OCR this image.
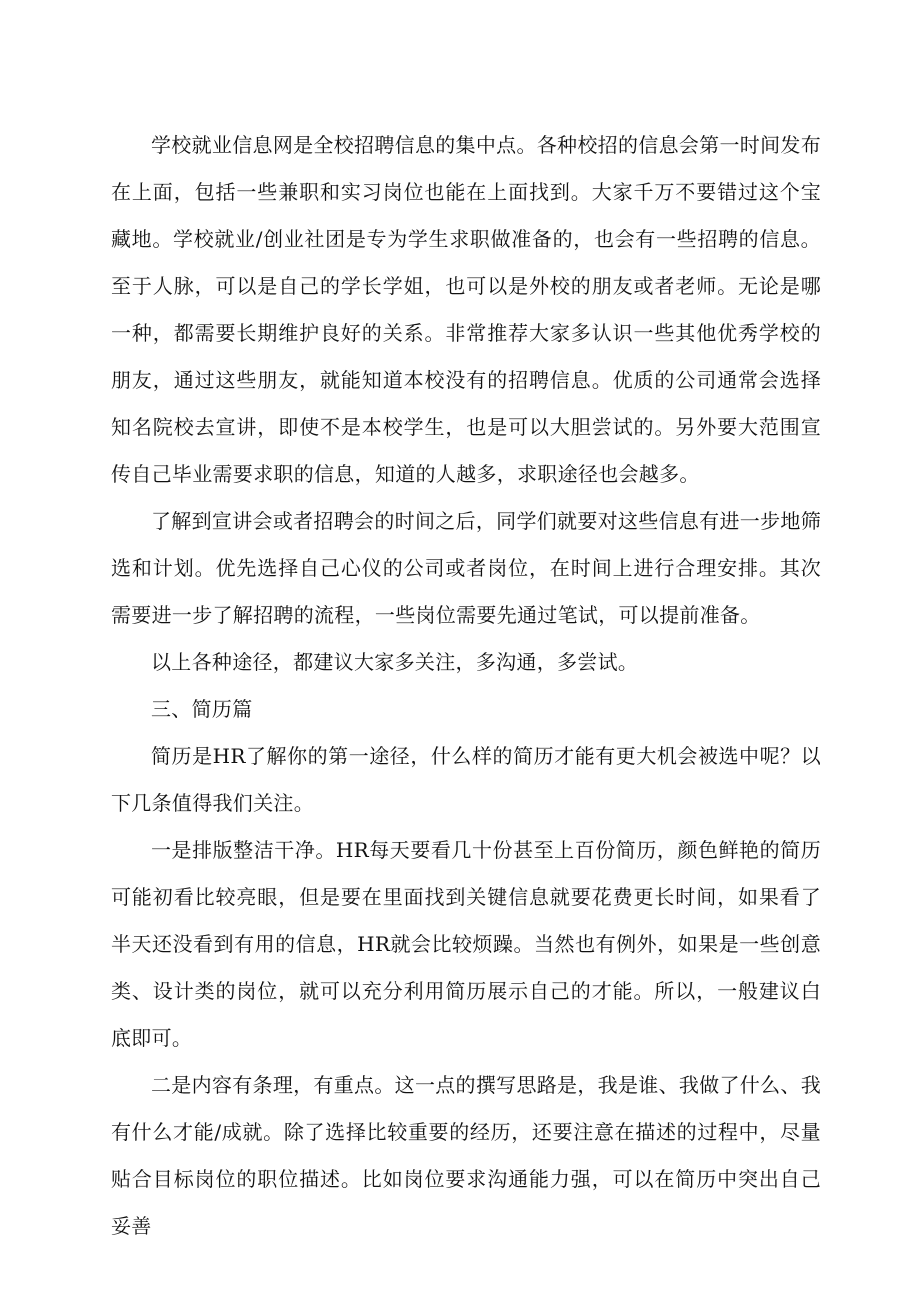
学校就业信息网是全校招聘信息的集中点。各种校招的信息会第一时间发布在上面，包括一些兼职和实习岗位也能在上面找到。大家千万不要错过这个宝藏地。学校就业/创业社团是专为学生求职做准备的，也会有一些招聘的信息。至于人脉，可以是自己的学长学姐，也可以是外校的朋友或者老师。无论是哪一种，都需要长期维护良好的关系。非常推荐大家多认识一些其他优秀学校的朋友，通过这些朋友，就能知道本校没有的招聘信息。优质的公司通常会选择知名院校去宣讲，即使不是本校学生，也是可以大胆尝试的。另外要大范围宣传自己毕业需要求职的信息，知道的人越多，求职途径也会越多。

了解到宣讲会或者招聘会的时间之后，同学们就要对这些信息有进一步地筛选和计划。优先选择自己心仪的公司或者岗位，在时间上进行合理安排。其次需要进一步了解招聘的流程，一些岗位需要先通过笔试，可以提前准备。

以上各种途径，都建议大家多关注，多沟通，多尝试。

三、简历篇

简历是HR了解你的第一途径，什么样的简历才能有更大机会被选中呢？以下几条值得我们关注。

一是排版整洁干净。HR每天要看几十份甚至上百份简历，颜色鲜艳的简历可能初看比较亮眼，但是要在里面找到关键信息就要花费更长时间，如果看了半天还没看到有用的信息，HR就会比较烦躁。当然也有例外，如果是一些创意类、设计类的岗位，就可以充分利用简历展示自己的才能。所以，一般建议白底即可。

二是内容有条理，有重点。这一点的撰写思路是，我是谁、我做了什么、我有什么才能/成就。除了选择比较重要的经历，还要注意在描述的过程中，尽量贴合目标岗位的职位描述。比如岗位要求沟通能力强，可以在简历中突出自己妥善
